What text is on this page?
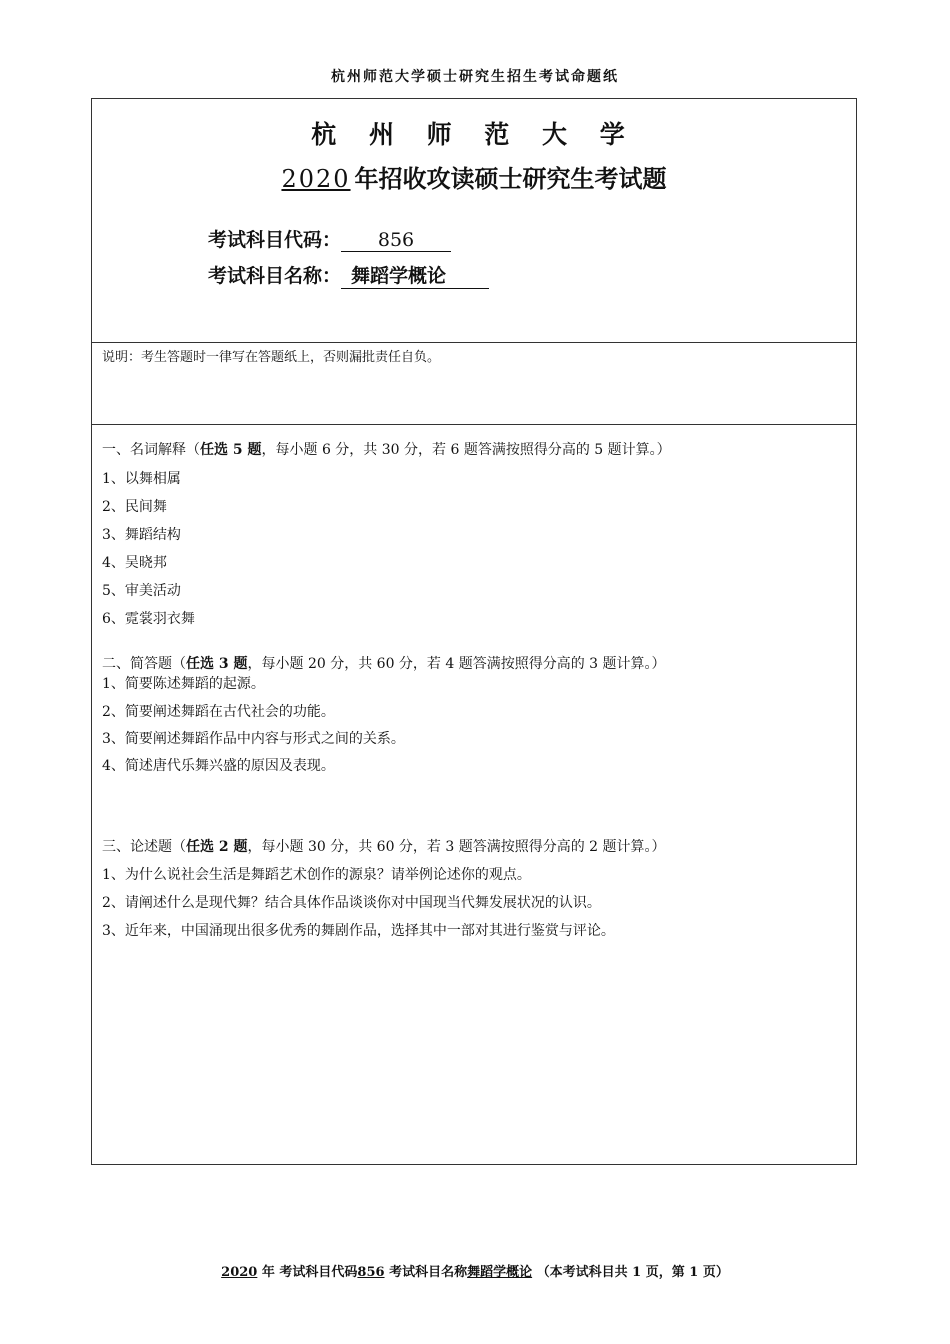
杭州师范大学硕士研究生招生考试命题纸
杭 州 师 范 大 学
2020 年招收攻读硕士研究生考试题
考试科目代码： 856
考试科目名称： 舞蹈学概论
说明：考生答题时一律写在答题纸上，否则漏批责任自负。
一、名词解释（任选 5 题，每小题 6 分，共 30 分，若 6 题答满按照得分高的 5 题计算。）
1、以舞相属
2、民间舞
3、舞蹈结构
4、吴晓邦
5、审美活动
6、霓裳羽衣舞
二、简答题（任选 3 题，每小题 20 分，共 60 分，若 4 题答满按照得分高的 3 题计算。）
1、简要陈述舞蹈的起源。
2、简要阐述舞蹈在古代社会的功能。
3、简要阐述舞蹈作品中内容与形式之间的关系。
4、简述唐代乐舞兴盛的原因及表现。
三、论述题（任选 2 题，每小题 30 分，共 60 分，若 3 题答满按照得分高的 2 题计算。）
1、为什么说社会生活是舞蹈艺术创作的源泉？请举例论述你的观点。
2、请阐述什么是现代舞？结合具体作品谈谈你对中国现当代舞发展状况的认识。
3、近年来，中国涌现出很多优秀的舞剧作品，选择其中一部对其进行鉴赏与评论。
2020 年 考试科目代码856 考试科目名称舞蹈学概论 （本考试科目共 1 页，第 1 页）
